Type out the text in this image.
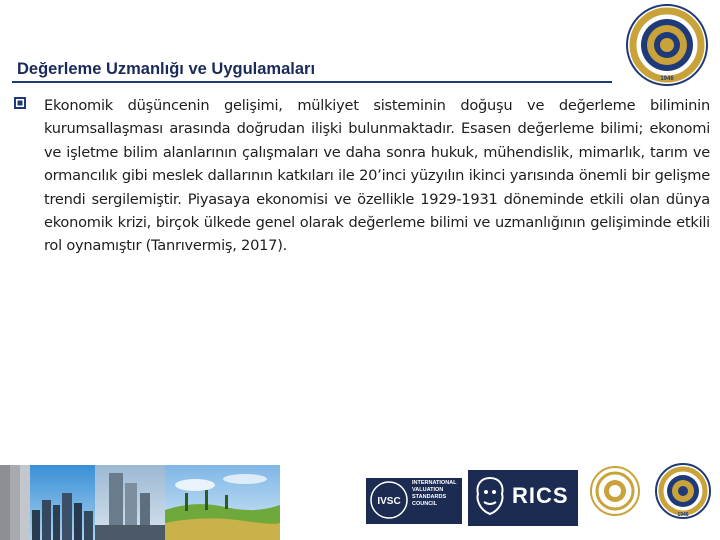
Değerleme Uzmanlığı ve Uygulamaları
1946
Ekonomik düşüncenin gelişimi, mülkiyet sisteminin doğuşu ve değerleme biliminin kurumsallaşması arasında doğrudan ilişki bulunmaktadır. Esasen değerleme bilimi; ekonomi ve işletme bilim alanlarının çalışmaları ve daha sonra hukuk, mühendislik, mimarlık, tarım ve ormancılık gibi meslek dallarının katkıları ile 20’inci yüzyılın ikinci yarısında önemli bir gelişme trendi sergilemiştir. Piyasaya ekonomisi ve özellikle 1929-1931 döneminde etkili olan dünya ekonomik krizi, birçok ülkede genel olarak değerleme bilimi ve uzmanlığının gelişiminde etkili rol oynamıştır (Tanrıvermiş, 2017).
IVSC
INTERNATIONAL
VALUATION
STANDARDS
COUNCIL	RICS
1946
